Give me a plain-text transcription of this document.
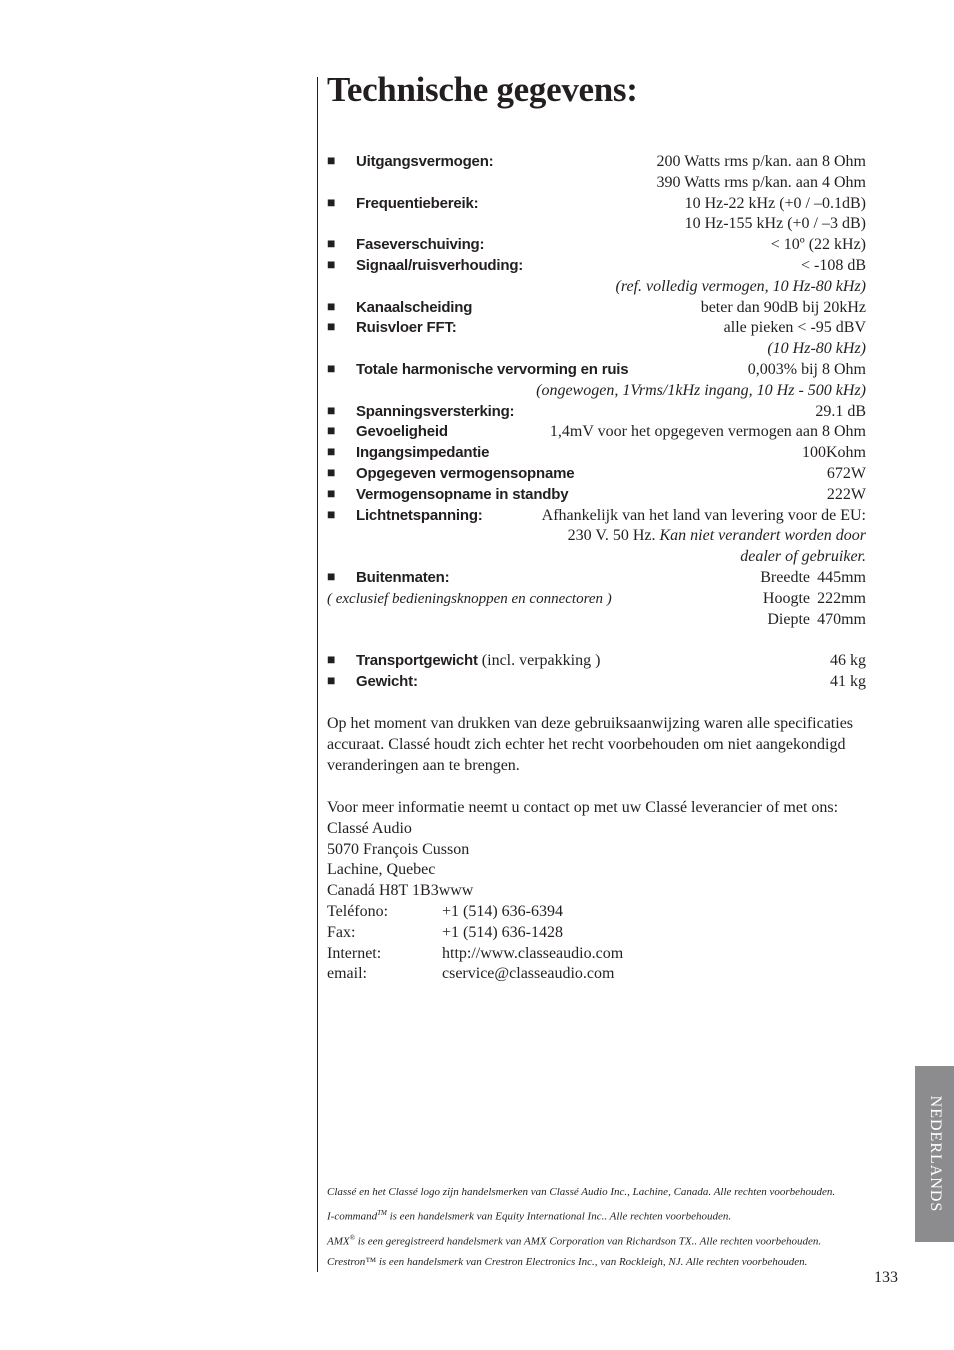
Technische gegevens:
■ Uitgangsvermogen:	200 Watts rms p/kan. aan 8 Ohm
390 Watts rms p/kan. aan 4 Ohm
■ Frequentiebereik:	10 Hz-22 kHz (+0 / –0.1dB)
10 Hz-155 kHz (+0 / –3 dB)
■ Faseverschuiving:	< 10º (22 kHz)
■ Signaal/ruisverhouding:	< -108 dB
(ref. volledig vermogen, 10 Hz-80 kHz)
■ Kanaalscheiding	beter dan 90dB bij 20kHz
■ Ruisvloer FFT:	alle pieken < -95 dBV
(10 Hz-80 kHz)
■ Totale harmonische vervorming en ruis	0,003% bij 8 Ohm
(ongewogen, 1Vrms/1kHz ingang, 10 Hz - 500 kHz)
■ Spanningsversterking:	29.1 dB
■ Gevoeligheid	1,4mV voor het opgegeven vermogen aan 8 Ohm
■ Ingangsimpedantie	100Kohm
■ Opgegeven vermogensopname	672W
■ Vermogensopname in standby	222W
■ Lichtnetspanning:	Afhankelijk van het land van levering voor de EU:
230 V. 50 Hz. Kan niet verandert worden door
dealer of gebruiker.
■ Buitenmaten:	Breedte 445mm
( exclusief bedieningsknoppen en connectoren )	Hoogte 222mm
Diepte 470mm
■ Transportgewicht (incl. verpakking )	46 kg
■ Gewicht:	41 kg
Op het moment van drukken van deze gebruiksaanwijzing waren alle specificaties accuraat. Classé houdt zich echter het recht voorbehouden om niet aangekondigd veranderingen aan te brengen.
Voor meer informatie neemt u contact op met uw Classé leverancier of met ons:
Classé Audio
5070 François Cusson
Lachine, Quebec
Canadá H8T 1B3www
Teléfono:	+1 (514) 636-6394
Fax:	+1 (514) 636-1428
Internet:	http://www.classeaudio.com
email:	cservice@classeaudio.com
NEDERLANDS
Classé en het Classé logo zijn handelsmerken van Classé Audio Inc., Lachine, Canada. Alle rechten voorbehouden.
I-command™ is een handelsmerk van Equity International Inc.. Alle rechten voorbehouden.
AMX® is een geregistreerd handelsmerk van AMX Corporation van Richardson TX.. Alle rechten voorbehouden.
Crestron™ is een handelsmerk van Crestron Electronics Inc., van Rockleigh, NJ. Alle rechten voorbehouden.
133
